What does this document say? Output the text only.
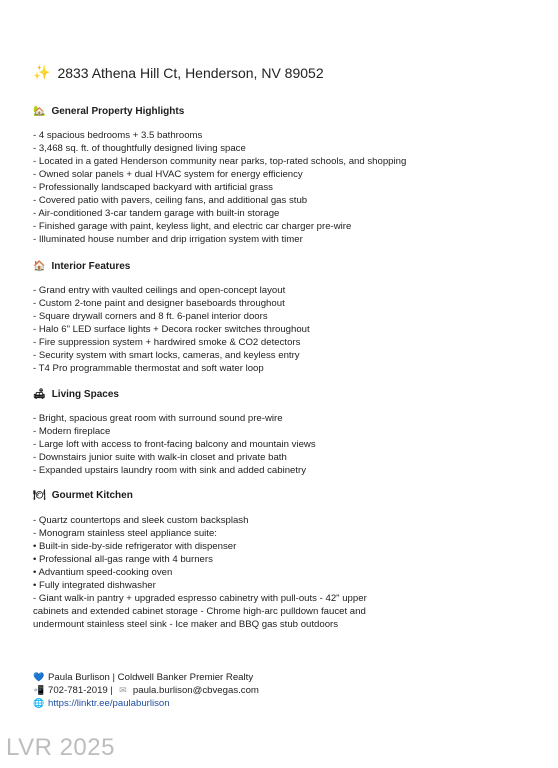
✨ 2833 Athena Hill Ct, Henderson, NV 89052
🏡 General Property Highlights
- 4 spacious bedrooms + 3.5 bathrooms
- 3,468 sq. ft. of thoughtfully designed living space
- Located in a gated Henderson community near parks, top-rated schools, and shopping
- Owned solar panels + dual HVAC system for energy efficiency
- Professionally landscaped backyard with artificial grass
- Covered patio with pavers, ceiling fans, and additional gas stub
- Air-conditioned 3-car tandem garage with built-in storage
- Finished garage with paint, keyless light, and electric car charger pre-wire
- Illuminated house number and drip irrigation system with timer
🏠 Interior Features
- Grand entry with vaulted ceilings and open-concept layout
- Custom 2-tone paint and designer baseboards throughout
- Square drywall corners and 8 ft. 6-panel interior doors
- Halo 6" LED surface lights + Decora rocker switches throughout
- Fire suppression system + hardwired smoke & CO2 detectors
- Security system with smart locks, cameras, and keyless entry
- T4 Pro programmable thermostat and soft water loop
🛋 Living Spaces
- Bright, spacious great room with surround sound pre-wire
- Modern fireplace
- Large loft with access to front-facing balcony and mountain views
- Downstairs junior suite with walk-in closet and private bath
- Expanded upstairs laundry room with sink and added cabinetry
🍽 Gourmet Kitchen
- Quartz countertops and sleek custom backsplash
- Monogram stainless steel appliance suite:
• Built-in side-by-side refrigerator with dispenser
• Professional all-gas range with 4 burners
• Advantium speed-cooking oven
• Fully integrated dishwasher
- Giant walk-in pantry + upgraded espresso cabinetry with pull-outs - 42" upper cabinets and extended cabinet storage - Chrome high-arc pulldown faucet and undermount stainless steel sink - Ice maker and BBQ gas stub outdoors
💙 Paula Burlison | Coldwell Banker Premier Realty
📲 702-781-2019 | ✉ paula.burlison@cbvegas.com
🌐 https://linktr.ee/paulaburlison
LVR 2025
